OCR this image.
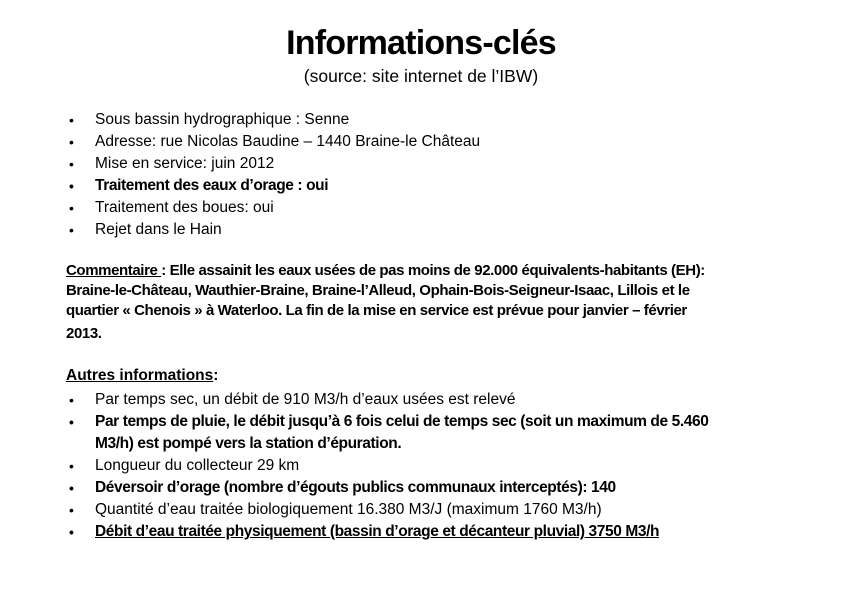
Informations-clés
(source: site internet de l’IBW)
• Sous bassin hydrographique : Senne
• Adresse: rue Nicolas Baudine – 1440 Braine-le Château
• Mise en service: juin 2012
• Traitement des eaux d’orage : oui
• Traitement des boues: oui
• Rejet dans le Hain
Commentaire : Elle assainit les eaux usées de pas moins de 92.000 équivalents-habitants (EH):
Braine-le-Château, Wauthier-Braine, Braine-l’Alleud, Ophain-Bois-Seigneur-Isaac, Lillois et le
quartier « Chenois » à Waterloo. La fin de la mise en service est prévue pour janvier – février
2013.
Autres informations:
• Par temps sec, un débit de 910 M3/h d’eaux usées est relevé
• Par temps de pluie, le débit jusqu’à 6 fois celui de temps sec (soit un maximum de 5.460
M3/h) est pompé vers la station d’épuration.
• Longueur du collecteur 29 km
• Déversoir d’orage (nombre d’égouts publics communaux interceptés): 140
• Quantité d’eau traitée biologiquement 16.380 M3/J (maximum 1760 M3/h)
• Débit d’eau traitée physiquement (bassin d’orage et décanteur pluvial) 3750 M3/h
